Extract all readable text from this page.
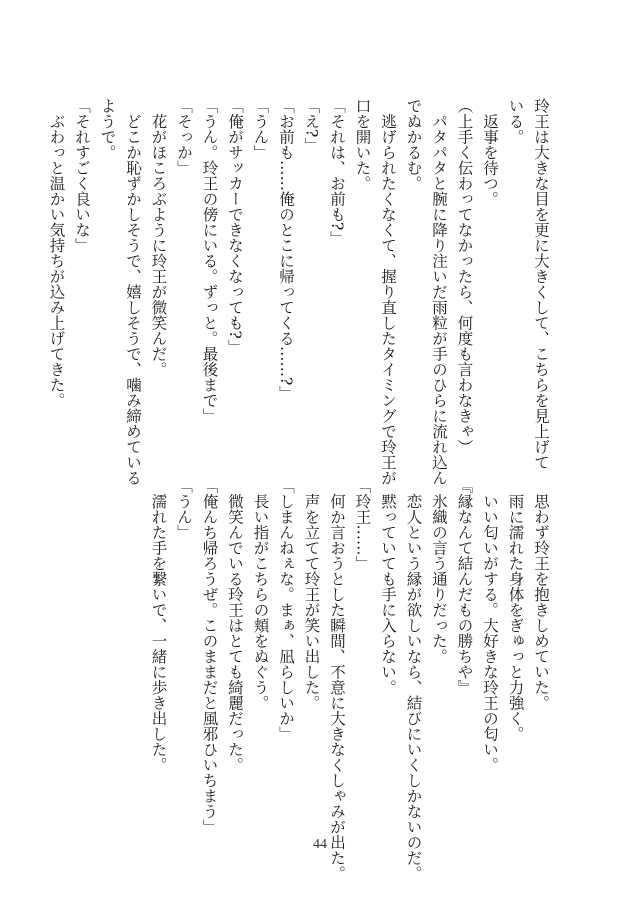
玲王は大きな目を更に大きくして、こちらを見上げて
いる。
　返事を待つ。
（上手く伝わってなかったら、何度も言わなきゃ）
　パタパタと腕に降り注いだ雨粒が手のひらに流れ込ん
でぬかるむ。
　逃げられたくなくて、握り直したタイミングで玲王が
口を開いた。
「それは、お前も?」
「え?」
「お前も……俺のとこに帰ってくる……?」
「うん」
「俺がサッカーできなくなっても?」
「うん。玲王の傍にいる。ずっと。最後まで」
「そっか」
　花がほころぶように玲王が微笑んだ。
　どこか恥ずかしそうで、嬉しそうで、噛み締めている
ようで。
「それすごく良いな」
　ぶわっと温かい気持ちが込み上げてきた。
　思わず玲王を抱きしめていた。
　雨に濡れた身体をぎゅっと力強く。
　いい匂いがする。大好きな玲王の匂い。
『縁なんて結んだもの勝ちや』
　氷織の言う通りだった。
　恋人という縁が欲しいなら、結びにいくしかないのだ。
　黙っていても手に入らない。
「玲王……」
　何か言おうとした瞬間、不意に大きなくしゃみが出た。
　声を立てて玲王が笑い出した。
「しまんねぇな。まぁ、凪らしいか」
　長い指がこちらの頬をぬぐう。
　微笑んでいる玲王はとても綺麗だった。
「俺んち帰ろうぜ。このままだと風邪ひいちまう」
「うん」
　濡れた手を繋いで、一緒に歩き出した。
44
